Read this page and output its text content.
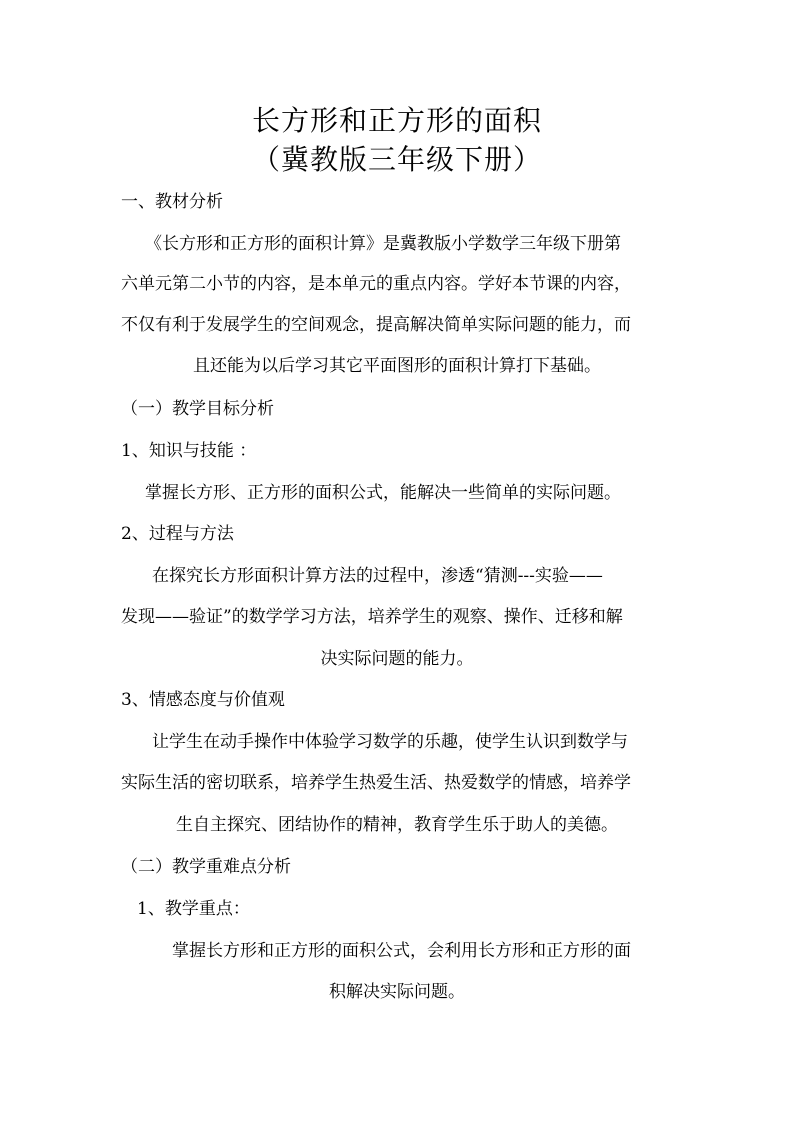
长方形和正方形的面积
（冀教版三年级下册）
一、教材分析
《长方形和正方形的面积计算》是冀教版小学数学三年级下册第
六单元第二小节的内容，是本单元的重点内容。学好本节课的内容，
不仅有利于发展学生的空间观念，提高解决简单实际问题的能力，而
且还能为以后学习其它平面图形的面积计算打下基础。
（一）教学目标分析
1、知识与技能 ：
掌握长方形、正方形的面积公式，能解决一些简单的实际问题。
2、过程与方法
在探究长方形面积计算方法的过程中，渗透“猜测---实验——
发现——验证”的数学学习方法，培养学生的观察、操作、迁移和解
决实际问题的能力。
3、情感态度与价值观
让学生在动手操作中体验学习数学的乐趣，使学生认识到数学与
实际生活的密切联系，培养学生热爱生活、热爱数学的情感，培养学
生自主探究、团结协作的精神，教育学生乐于助人的美德。
（二）教学重难点分析
1、教学重点：
掌握长方形和正方形的面积公式，会利用长方形和正方形的面
积解决实际问题。
